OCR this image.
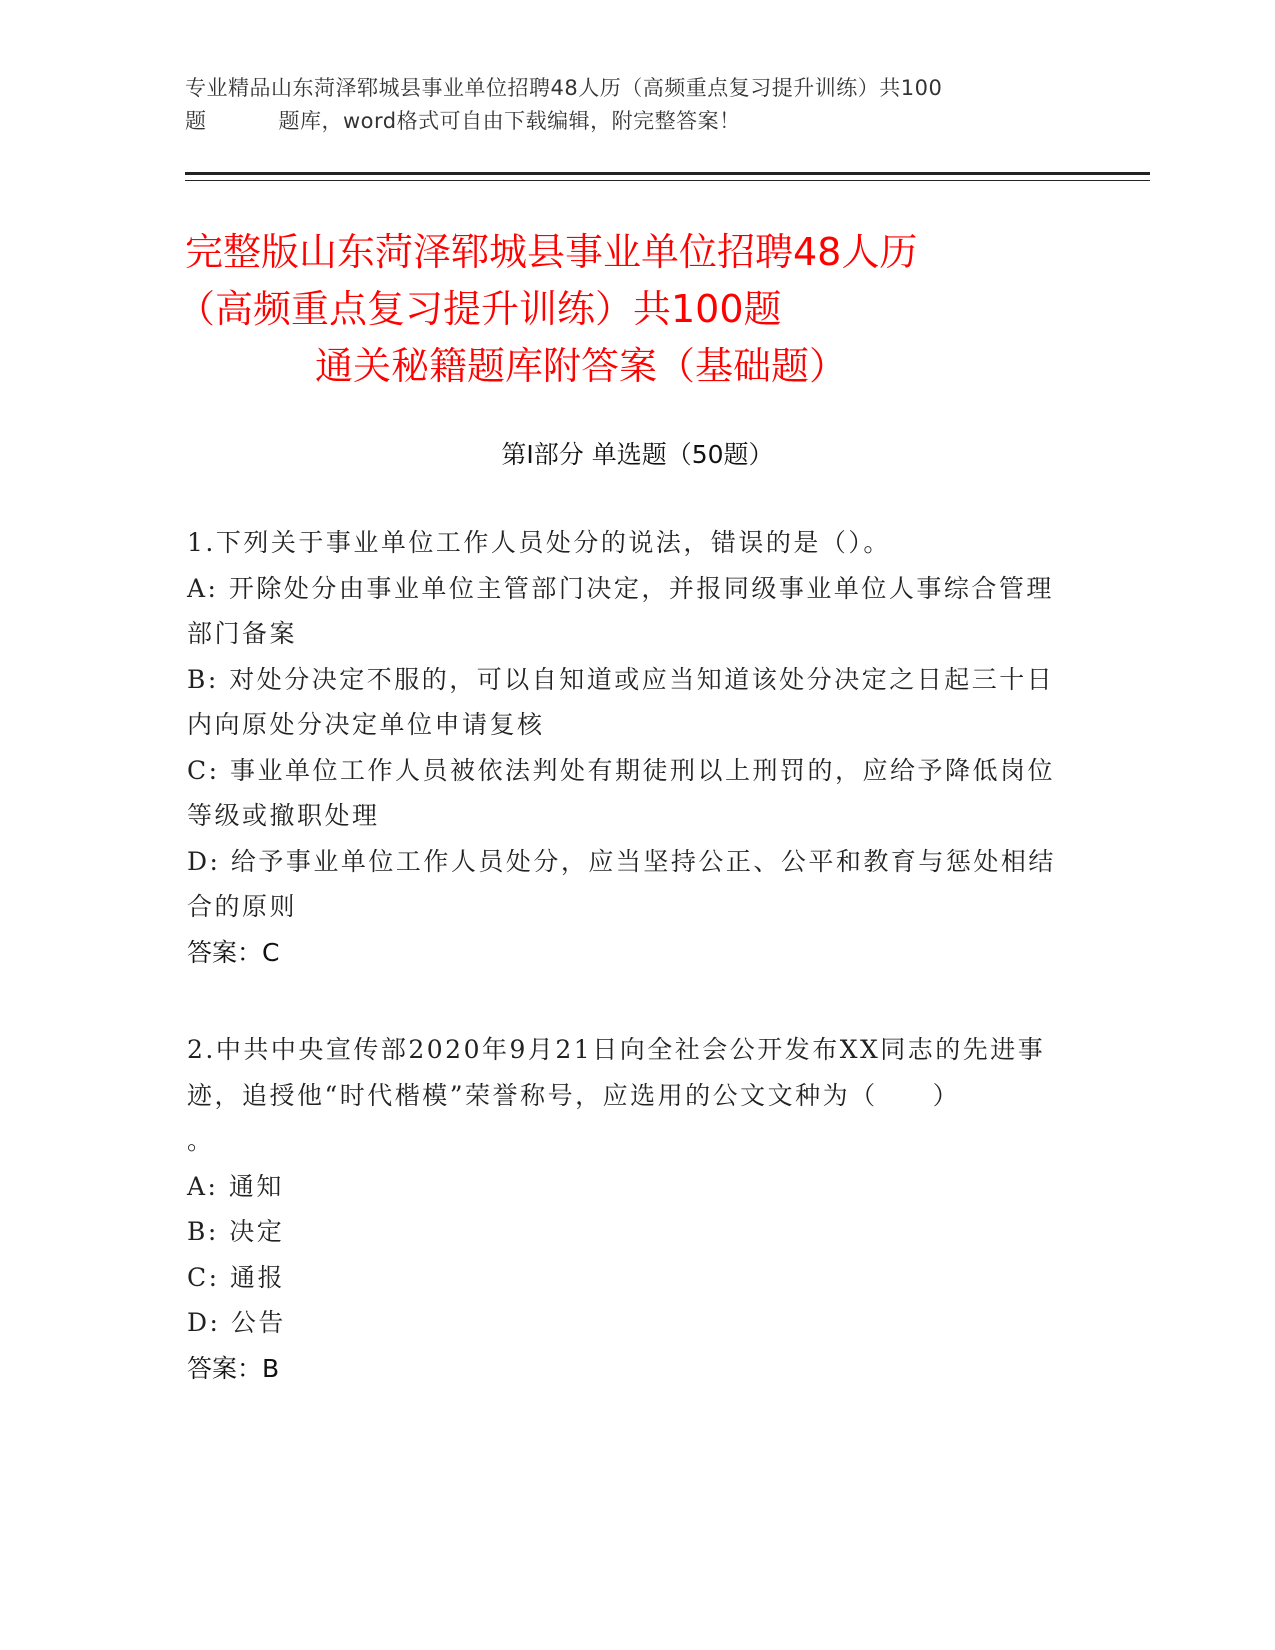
专业精品山东菏泽郓城县事业单位招聘48人历（高频重点复习提升训练）共100
题	题库，word格式可自由下载编辑，附完整答案！
完整版山东菏泽郓城县事业单位招聘48人历
（高频重点复习提升训练）共100题
通关秘籍题库附答案（基础题）
第Ⅰ部分 单选题（50题）
1.下列关于事业单位工作人员处分的说法，错误的是（）。
A: 开除处分由事业单位主管部门决定，并报同级事业单位人事综合管理部门备案
B: 对处分决定不服的，可以自知道或应当知道该处分决定之日起三十日内向原处分决定单位申请复核
C: 事业单位工作人员被依法判处有期徒刑以上刑罚的，应给予降低岗位等级或撤职处理
D: 给予事业单位工作人员处分，应当坚持公正、公平和教育与惩处相结合的原则
答案：C
2.中共中央宣传部2020年9月21日向全社会公开发布XX同志的先进事迹，追授他“时代楷模”荣誉称号，应选用的公文文种为（　　）
。
A: 通知
B: 决定
C: 通报
D: 公告
答案：B
